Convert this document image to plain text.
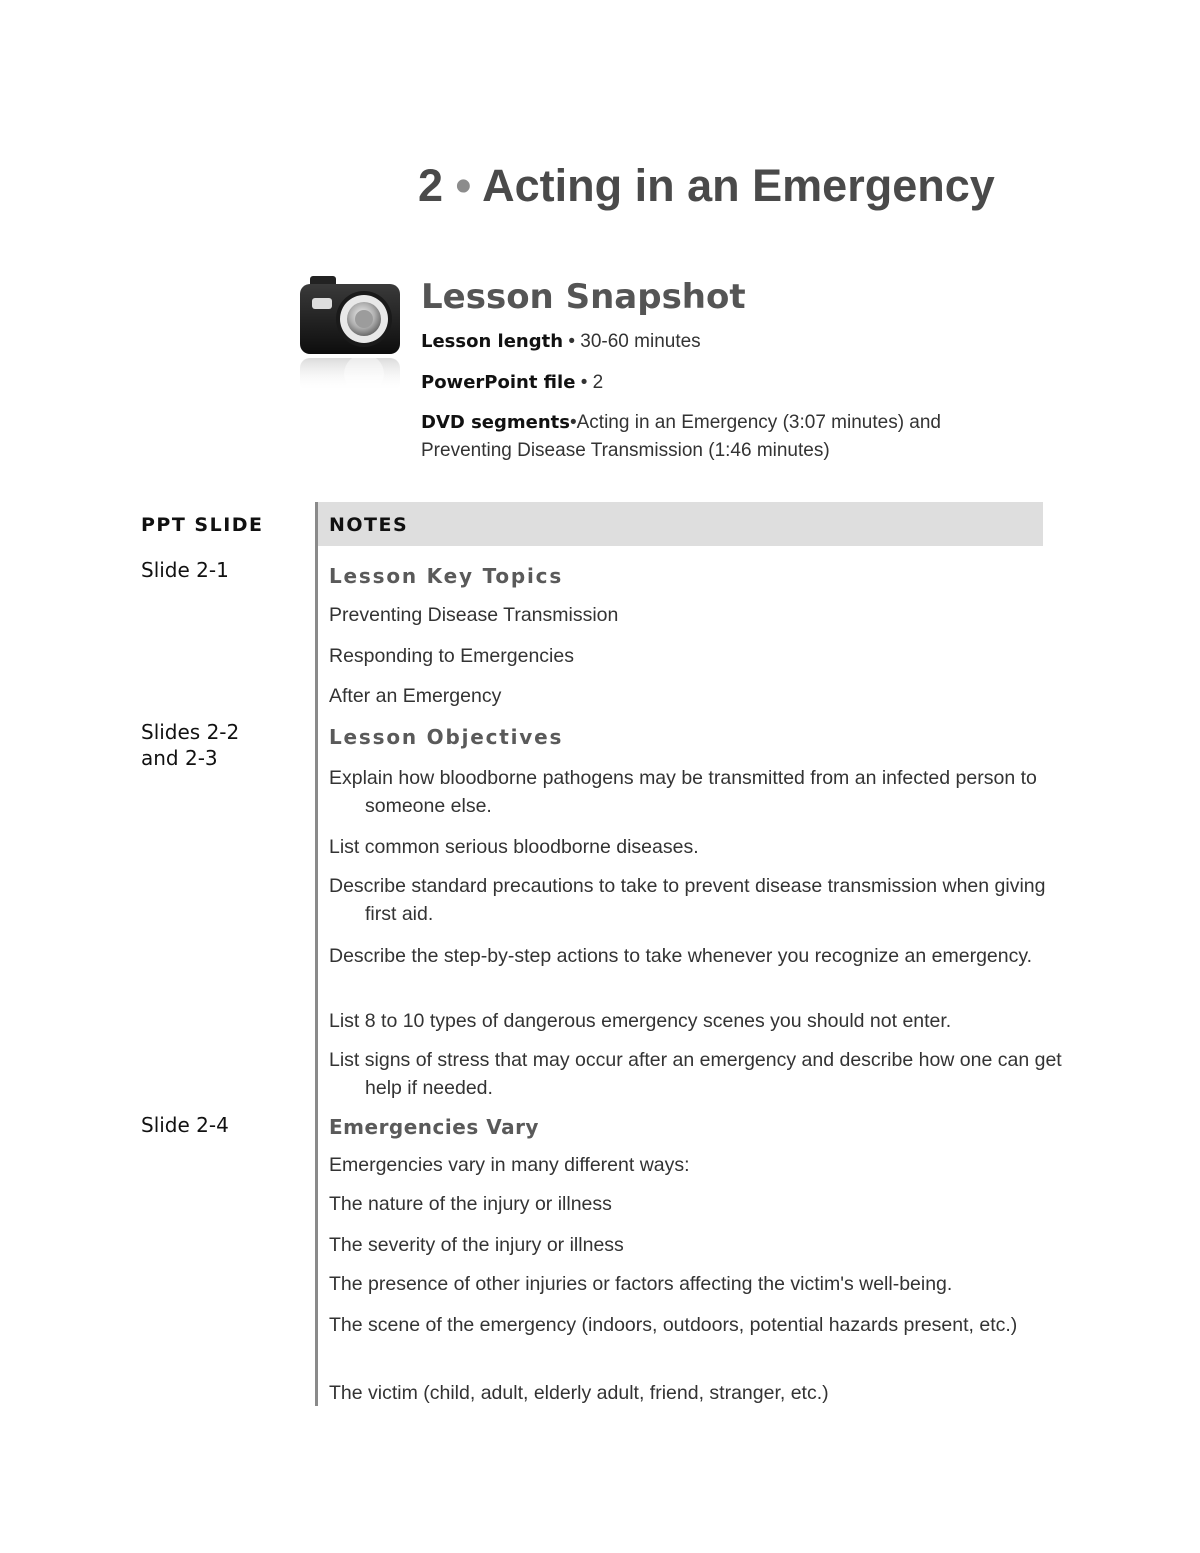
2 • Acting in an Emergency
Lesson Snapshot
Lesson length • 30-60 minutes
PowerPoint file • 2
DVD segments•Acting in an Emergency (3:07 minutes) and
Preventing Disease Transmission (1:46 minutes)
PPT SLIDE	NOTES
Slide 2-1
Slides 2-2
and 2-3
Slide 2-4
Lesson Key Topics
Preventing Disease Transmission
Responding to Emergencies
After an Emergency
Lesson Objectives
Explain how bloodborne pathogens may be transmitted from an infected person to someone else.
List common serious bloodborne diseases.
Describe standard precautions to take to prevent disease transmission when giving first aid.
Describe the step-by-step actions to take whenever you recognize an emergency.
List 8 to 10 types of dangerous emergency scenes you should not enter.
List signs of stress that may occur after an emergency and describe how one can get help if needed.
Emergencies Vary
Emergencies vary in many different ways:
The nature of the injury or illness
The severity of the injury or illness
The presence of other injuries or factors affecting the victim's well-being.
The scene of the emergency (indoors, outdoors, potential hazards present, etc.)
The victim (child, adult, elderly adult, friend, stranger, etc.)
